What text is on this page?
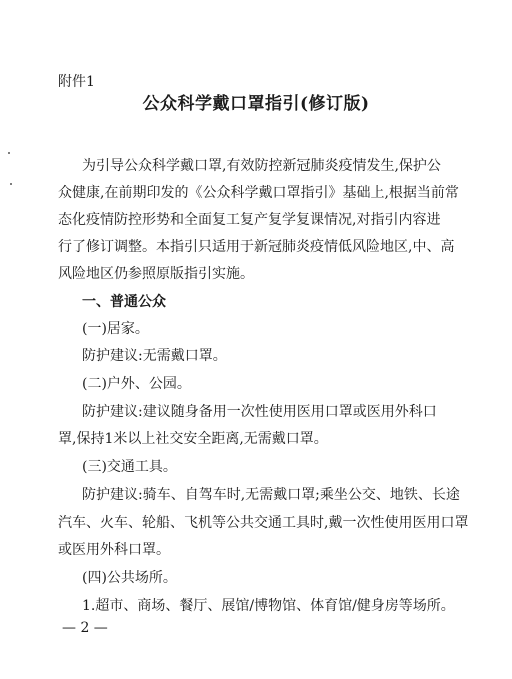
附件1
公众科学戴口罩指引(修订版)
为引导公众科学戴口罩,有效防控新冠肺炎疫情发生,保护公
众健康,在前期印发的《公众科学戴口罩指引》基础上,根据当前常
态化疫情防控形势和全面复工复产复学复课情况,对指引内容进
行了修订调整。本指引只适用于新冠肺炎疫情低风险地区,中、高
风险地区仍参照原版指引实施。
一、普通公众
(一)居家。
防护建议:无需戴口罩。
(二)户外、公园。
防护建议:建议随身备用一次性使用医用口罩或医用外科口
罩,保持1米以上社交安全距离,无需戴口罩。
(三)交通工具。
防护建议:骑车、自驾车时,无需戴口罩;乘坐公交、地铁、长途
汽车、火车、轮船、飞机等公共交通工具时,戴一次性使用医用口罩
或医用外科口罩。
(四)公共场所。
1.超市、商场、餐厅、展馆/博物馆、体育馆/健身房等场所。
— 2 —
